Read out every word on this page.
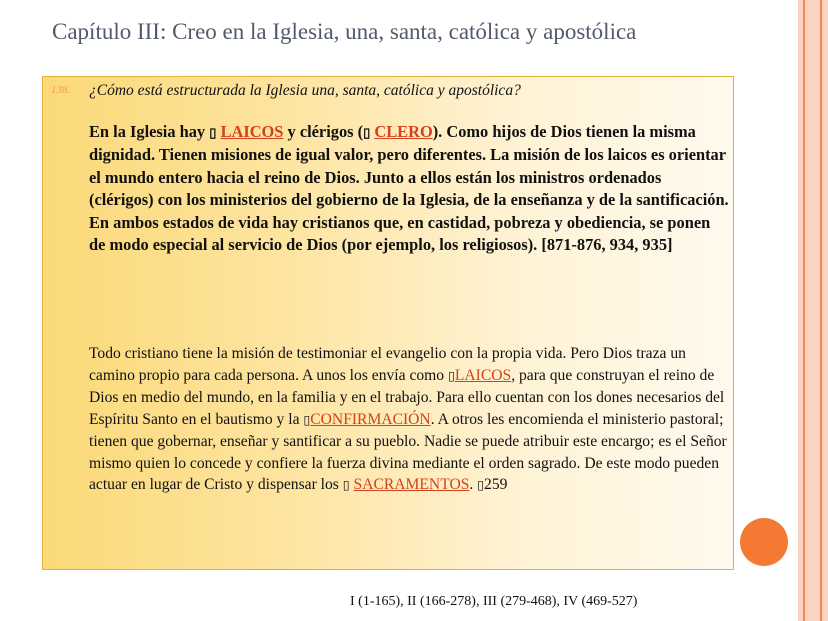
Capítulo III: Creo en la Iglesia, una, santa, católica y apostólica
138. ¿Cómo está estructurada la Iglesia una, santa, católica y apostólica?

En la Iglesia hay ▯ LAICOS y clérigos (▯ CLERO). Como hijos de Dios tienen la misma dignidad. Tienen misiones de igual valor, pero diferentes. La misión de los laicos es orientar el mundo entero hacia el reino de Dios. Junto a ellos están los ministros ordenados (clérigos) con los ministerios del gobierno de la Iglesia, de la enseñanza y de la santificación. En ambos estados de vida hay cristianos que, en castidad, pobreza y obediencia, se ponen de modo especial al servicio de Dios (por ejemplo, los religiosos). [871-876, 934, 935]

Todo cristiano tiene la misión de testimoniar el evangelio con la propia vida. Pero Dios traza un camino propio para cada persona. A unos los envía como ▯LAICOS, para que construyan el reino de Dios en medio del mundo, en la familia y en el trabajo. Para ello cuentan con los dones necesarios del Espíritu Santo en el bautismo y la ▯CONFIRMACIÓN. A otros les encomienda el ministerio pastoral; tienen que gobernar, enseñar y santificar a su pueblo. Nadie se puede atribuir este encargo; es el Señor mismo quien lo concede y confiere la fuerza divina mediante el orden sagrado. De este modo pueden actuar en lugar de Cristo y dispensar los ▯ SACRAMENTOS. ▯259

I (1-165), II (166-278), III (279-468), IV (469-527)
